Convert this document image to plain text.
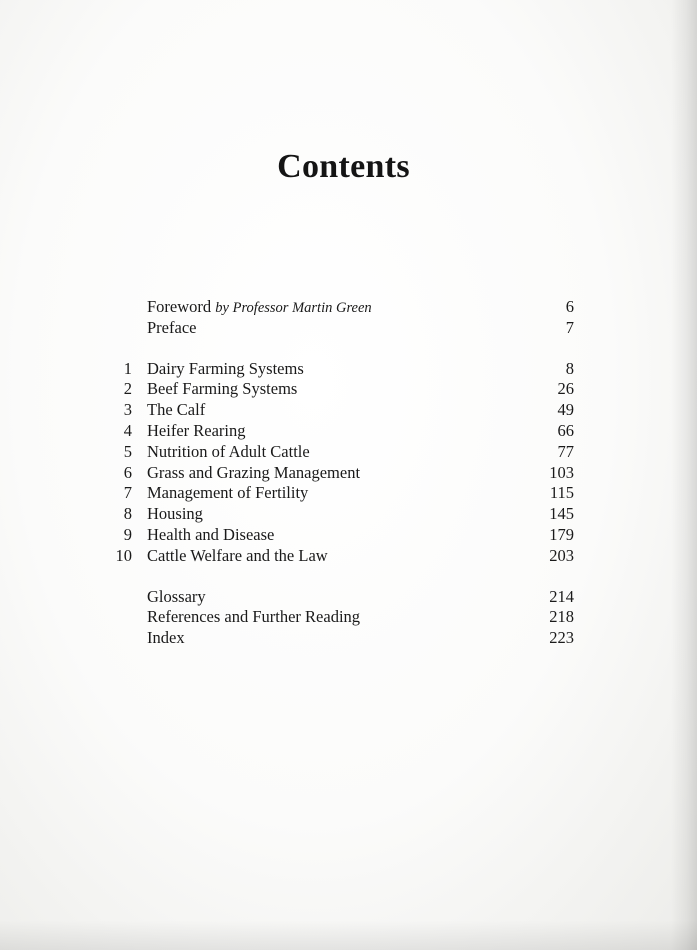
Contents
Foreword by Professor Martin Green	6
Preface	7
1 Dairy Farming Systems	8
2 Beef Farming Systems	26
3 The Calf	49
4 Heifer Rearing	66
5 Nutrition of Adult Cattle	77
6 Grass and Grazing Management	103
7 Management of Fertility	115
8 Housing	145
9 Health and Disease	179
10 Cattle Welfare and the Law	203
Glossary	214
References and Further Reading	218
Index	223
